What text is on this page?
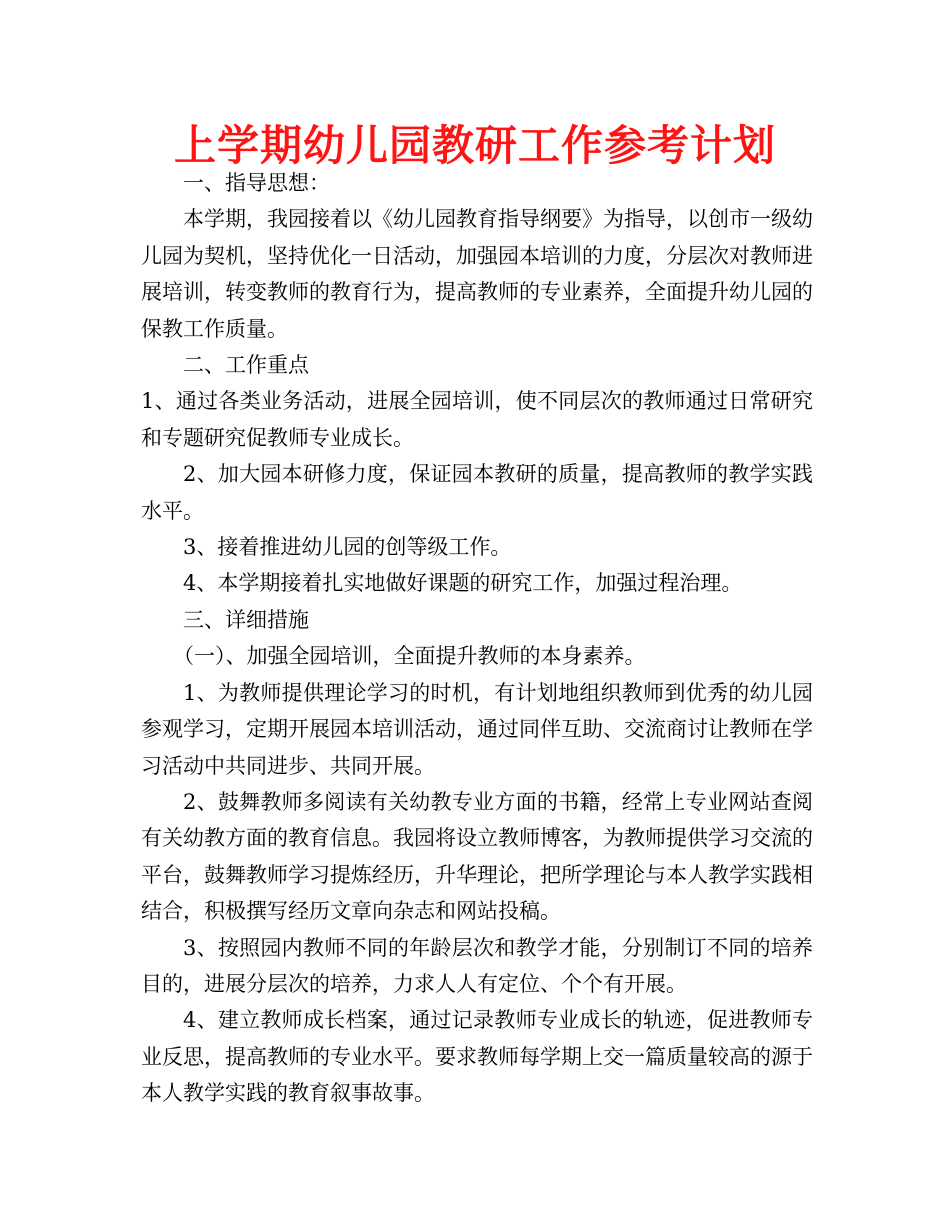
上学期幼儿园教研工作参考计划

一、指导思想：

本学期，我园接着以《幼儿园教育指导纲要》为指导，以创市一级幼儿园为契机，坚持优化一日活动，加强园本培训的力度，分层次对教师进展培训，转变教师的教育行为，提高教师的专业素养，全面提升幼儿园的保教工作质量。

二、工作重点

1、通过各类业务活动，进展全园培训，使不同层次的教师通过日常研究和专题研究促教师专业成长。

2、加大园本研修力度，保证园本教研的质量，提高教师的教学实践水平。

3、接着推进幼儿园的创等级工作。

4、本学期接着扎实地做好课题的研究工作，加强过程治理。

三、详细措施

（一）、加强全园培训，全面提升教师的本身素养。

1、为教师提供理论学习的时机，有计划地组织教师到优秀的幼儿园参观学习，定期开展园本培训活动，通过同伴互助、交流商讨让教师在学习活动中共同进步、共同开展。

2、鼓舞教师多阅读有关幼教专业方面的书籍，经常上专业网站查阅有关幼教方面的教育信息。我园将设立教师博客，为教师提供学习交流的平台，鼓舞教师学习提炼经历，升华理论，把所学理论与本人教学实践相结合，积极撰写经历文章向杂志和网站投稿。

3、按照园内教师不同的年龄层次和教学才能，分别制订不同的培养目的，进展分层次的培养，力求人人有定位、个个有开展。

4、建立教师成长档案，通过记录教师专业成长的轨迹，促进教师专业反思，提高教师的专业水平。要求教师每学期上交一篇质量较高的源于本人教学实践的教育叙事故事。
